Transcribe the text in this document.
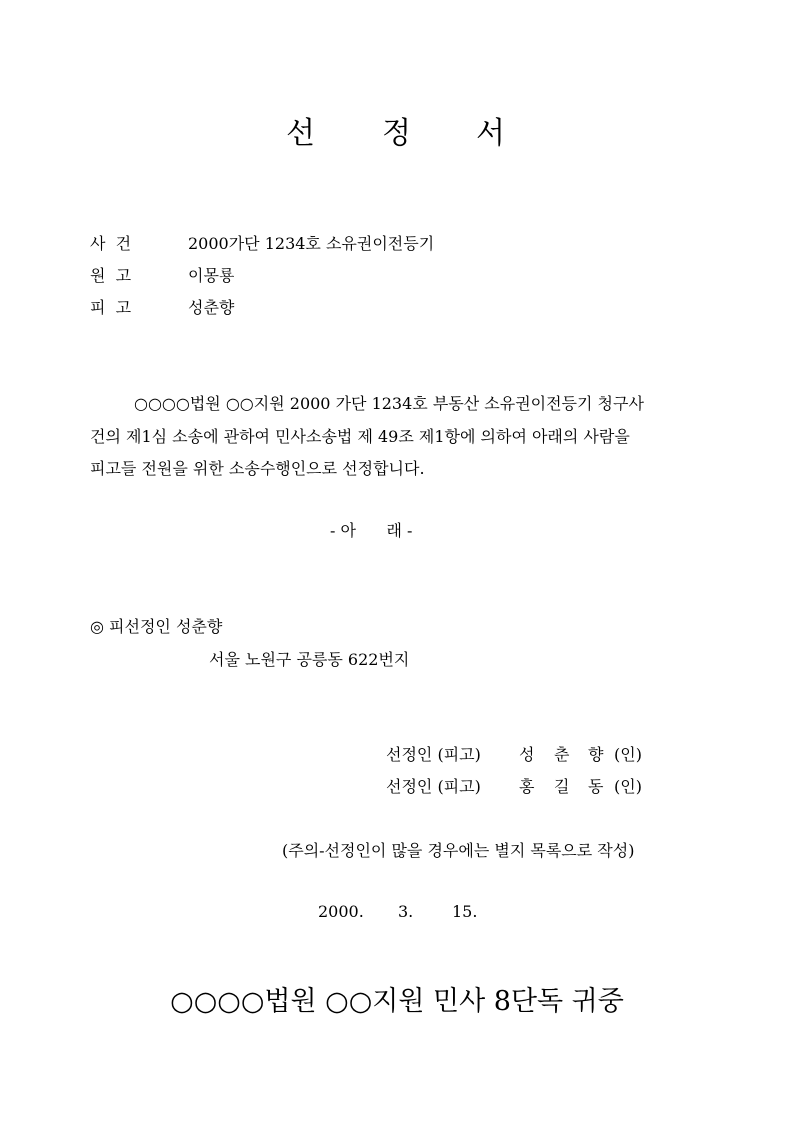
선 정 서
사  건	2000가단 1234호 소유권이전등기
원  고	이몽룡
피  고	성춘향
○○○○법원 ○○지원 2000 가단 1234호 부동산 소유권이전등기 청구사
건의 제1심 소송에 관하여 민사소송법 제 49조 제1항에 의하여 아래의 사람을
피고들 전원을 위한 소송수행인으로 선정합니다.
- 아      래 -
◎ 피선정인 성춘향
서울 노원구 공릉동 622번지
선정인 (피고) 성 춘 향 (인)
선정인 (피고) 홍 길 동 (인)
(주의-선정인이 많을 경우에는 별지 목록으로 작성)
2000. 3. 15.
○○○○법원 ○○지원 민사 8단독 귀중
